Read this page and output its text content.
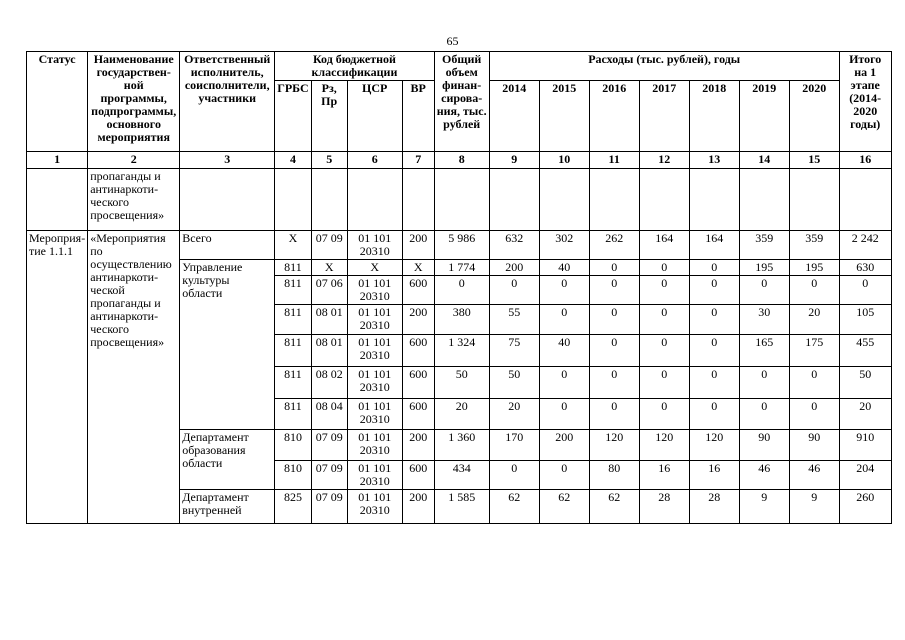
65
Статус	Наименование государствен-ной программы, подпрограммы, основного мероприятия	Ответственный исполнитель, соисполнители, участники	Код бюджетной классификации				Общий объем финан-сирова-ния, тыс. рублей	Расходы (тыс. рублей), годы							Итого на 1 этапе (2014-2020 годы)
			ГРБС	Рз, Пр	ЦСР	ВР		2014	2015	2016	2017	2018	2019	2020	
1	2	3	4	5	6	7	8	9	10	11	12	13	14	15	16
	пропаганды и антинаркоти-ческого просвещения»														
Мероприя-тие 1.1.1	«Мероприятия по осуществлению антинаркоти-ческой пропаганды и антинаркоти-ческого просвещения»	Всего	X	07 09	01 101 20310	200	5 986	632	302	262	164	164	359	359	2 242
		Управление культуры области	811	X	X	X	1 774	200	40	0	0	0	195	195	630
			811	07 06	01 101 20310	600	0	0	0	0	0	0	0	0	0
			811	08 01	01 101 20310	200	380	55	0	0	0	0	30	20	105
			811	08 01	01 101 20310	600	1 324	75	40	0	0	0	165	175	455
			811	08 02	01 101 20310	600	50	50	0	0	0	0	0	0	50
			811	08 04	01 101 20310	600	20	20	0	0	0	0	0	0	20
		Департамент образования области	810	07 09	01 101 20310	200	1 360	170	200	120	120	120	90	90	910
			810	07 09	01 101 20310	600	434	0	0	80	16	16	46	46	204
		Департамент внутренней	825	07 09	01 101 20310	200	1 585	62	62	62	28	28	9	9	260
